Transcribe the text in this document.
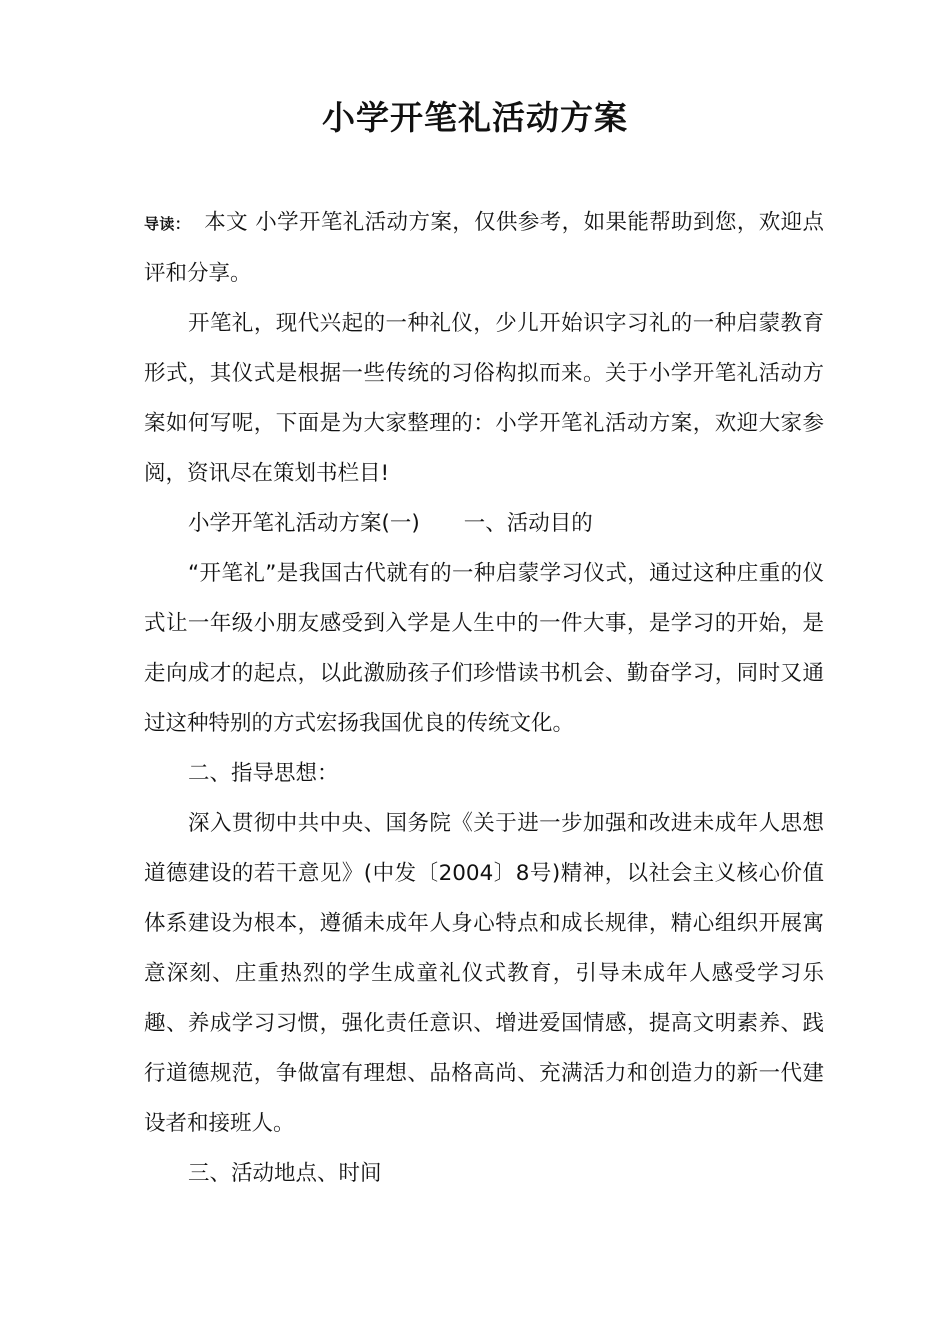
小学开笔礼活动方案

导读： 本文 小学开笔礼活动方案，仅供参考，如果能帮助到您，欢迎点评和分享。

开笔礼，现代兴起的一种礼仪，少儿开始识字习礼的一种启蒙教育形式，其仪式是根据一些传统的习俗构拟而来。关于小学开笔礼活动方案如何写呢，下面是为大家整理的：小学开笔礼活动方案，欢迎大家参阅，资讯尽在策划书栏目!

小学开笔礼活动方案(一) 一、活动目的

“开笔礼”是我国古代就有的一种启蒙学习仪式，通过这种庄重的仪式让一年级小朋友感受到入学是人生中的一件大事，是学习的开始，是走向成才的起点，以此激励孩子们珍惜读书机会、勤奋学习，同时又通过这种特别的方式宏扬我国优良的传统文化。

二、指导思想：

深入贯彻中共中央、国务院《关于进一步加强和改进未成年人思想道德建设的若干意见》(中发〔2004〕8号)精神，以社会主义核心价值体系建设为根本，遵循未成年人身心特点和成长规律，精心组织开展寓意深刻、庄重热烈的学生成童礼仪式教育，引导未成年人感受学习乐趣、养成学习习惯，强化责任意识、增进爱国情感，提高文明素养、践行道德规范，争做富有理想、品格高尚、充满活力和创造力的新一代建设者和接班人。

三、活动地点、时间
